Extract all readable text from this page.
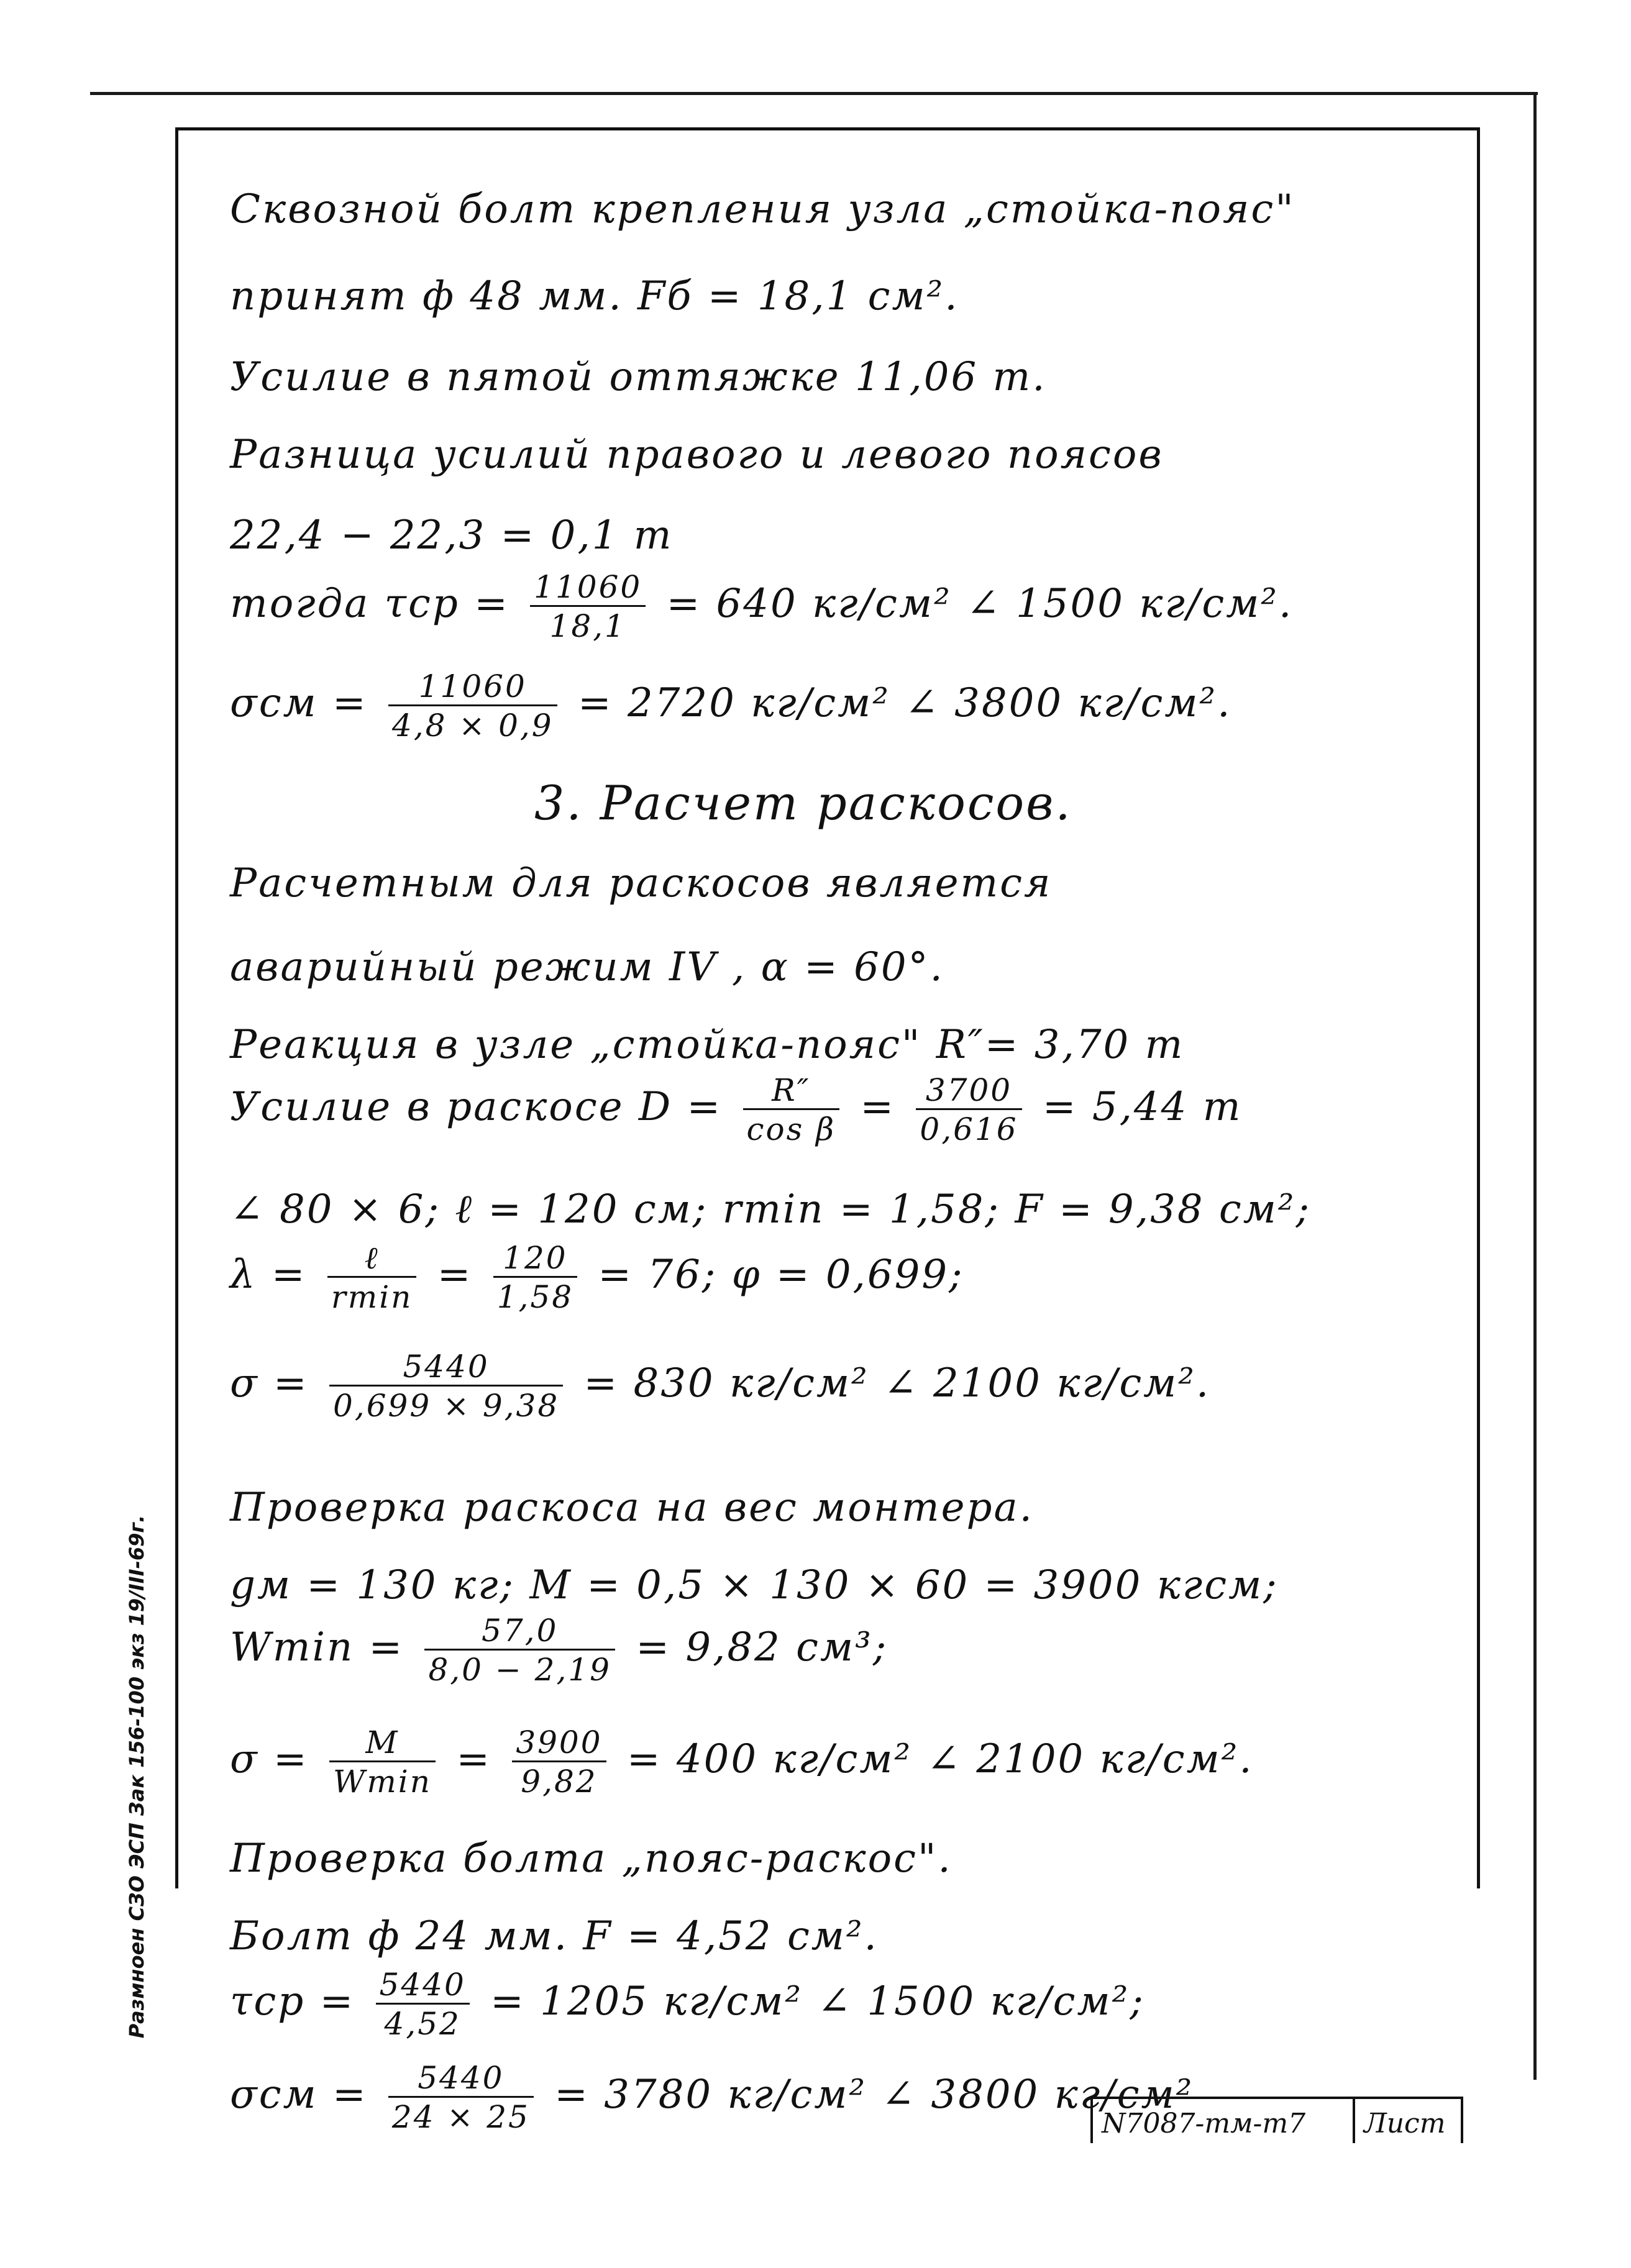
Сквозной болт крепления узла „стойка-пояс"
принят ф 48 мм. Fб = 18,1 см².
Усилие в пятой оттяжке 11,06 т.
Разница усилий правого и левого поясов
22,4 − 22,3 = 0,1 т
тогда $\tau ср = \frac{11060}{18,1} = 640$ кг/см² ∠ 1500 кг/см².
$\sigma см = \frac{11060}{4,8 \times 0,9} = 2720$ кг/см² ∠ 3800 кг/см².
3. Расчет раскосов.
Расчетным для раскосов является
аварийный режим IV , α = 60°.
Реакция в узле „стойка-пояс" R″= 3,70 т
Усилие в раскосе $D = \frac{R''}{\text{cos β}} = \frac{3700}{0,616} = 5,44$ т
∠ 80 × 6; ℓ = 120 см; rmin = 1,58; F = 9,38 см²;
$\lambda = \frac{\text{ℓ}}{rmin} = \frac{120}{1,58} = 76$; φ = 0,699;
$\sigma = \frac{5440}{0,699 \times 9,38} = 830$ кг/см² ∠ 2100 кг/см².
Проверка раскоса на вес монтера.
gм = 130 кг; M = 0,5 × 130 × 60 = 3900 кгсм;
$Wmin = \frac{57,0}{8,0 - 2,19} = 9,82$ см³;
$\sigma = \frac{M}{Wmin} = \frac{3900}{9,82} = 400$ кг/см² ∠ 2100 кг/см².
Проверка болта „пояс-раскос".
Болт ф 24 мм. F = 4,52 см².
$\tau ср = \frac{5440}{4,52} = 1205$ кг/см² ∠ 1500 кг/см²;
$\sigma см = \frac{5440}{24 \times 25} = 3780$ кг/см² ∠ 3800 кг/см²
Размноен СЗО ЭСП Зак 156-100 экз 19/III-69г.
N7087-тм-т7	Лист
